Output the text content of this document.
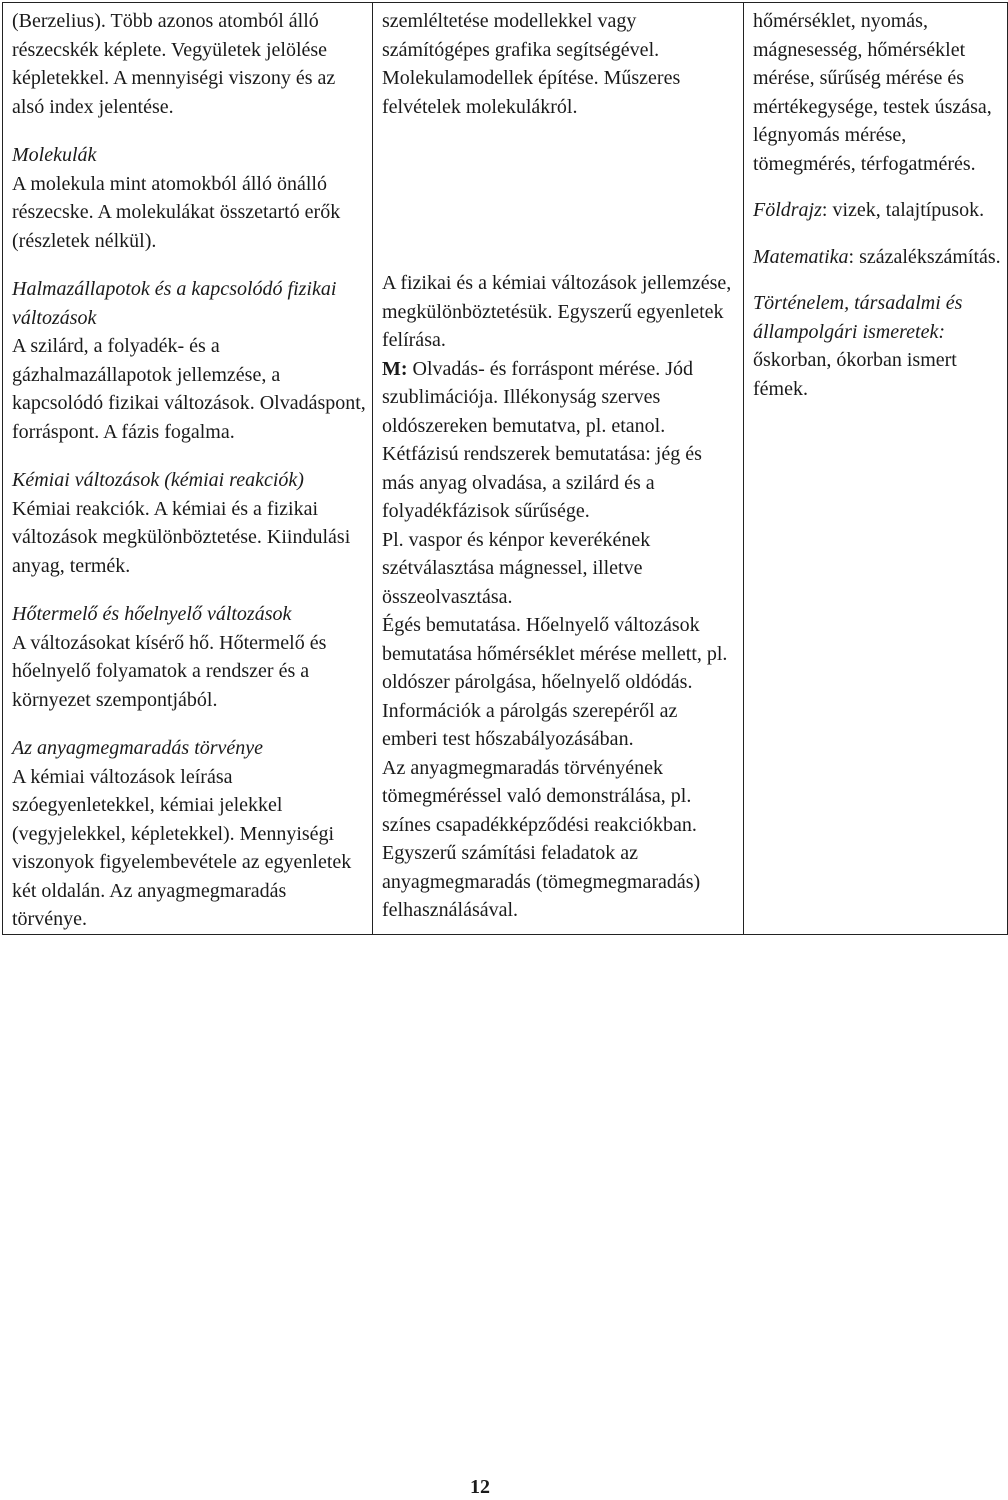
(Berzelius). Több azonos atomból álló részecskék képlete. Vegyületek jelölése képletekkel. A mennyiségi viszony és az alsó index jelentése.
Molekulák
A molekula mint atomokból álló önálló részecske. A molekulákat összetartó erők (részletek nélkül).
Halmazállapotok és a kapcsolódó fizikai változások
A szilárd, a folyadék- és a gázhalmazállapotok jellemzése, a kapcsolódó fizikai változások. Olvadáspont, forráspont. A fázis fogalma.
Kémiai változások (kémiai reakciók)
Kémiai reakciók. A kémiai és a fizikai változások megkülönböztetése. Kiindulási anyag, termék.
Hőtermelő és hőelnyelő változások
A változásokat kísérő hő. Hőtermelő és hőelnyelő folyamatok a rendszer és a környezet szempontjából.
Az anyagmegmaradás törvénye
A kémiai változások leírása szóegyenletekkel, kémiai jelekkel (vegyjelekkel, képletekkel). Mennyiségi viszonyok figyelembevétele az egyenletek két oldalán. Az anyagmegmaradás törvénye.

szemléltetése modellekkel vagy számítógépes grafika segítségével. Molekulamodellek építése. Műszeres felvételek molekulákról.
A fizikai és a kémiai változások jellemzése, megkülönböztetésük. Egyszerű egyenletek felírása.
M: Olvadás- és forráspont mérése. Jód szublimációja. Illékonyság szerves oldószereken bemutatva, pl. etanol. Kétfázisú rendszerek bemutatása: jég és más anyag olvadása, a szilárd és a folyadékfázisok sűrűsége.
Pl. vaspor és kénpor keverékének szétválasztása mágnessel, illetve összeolvasztása.
Égés bemutatása. Hőelnyelő változások bemutatása hőmérséklet mérése mellett, pl. oldószer párolgása, hőelnyelő oldódás. Információk a párolgás szerepéről az emberi test hőszabályozásában.
Az anyagmegmaradás törvényének tömegméréssel való demonstrálása, pl. színes csapadékképződési reakciókban.
Egyszerű számítási feladatok az anyagmegmaradás (tömegmegmaradás) felhasználásával.

hőmérséklet, nyomás, mágnesesség, hőmérséklet mérése, sűrűség mérése és mértékegysége, testek úszása, légnyomás mérése, tömegmérés, térfogatmérés.
Földrajz: vizek, talajtípusok.
Matematika: százalékszámítás.
Történelem, társadalmi és állampolgári ismeretek: őskorban, ókorban ismert fémek.
12
